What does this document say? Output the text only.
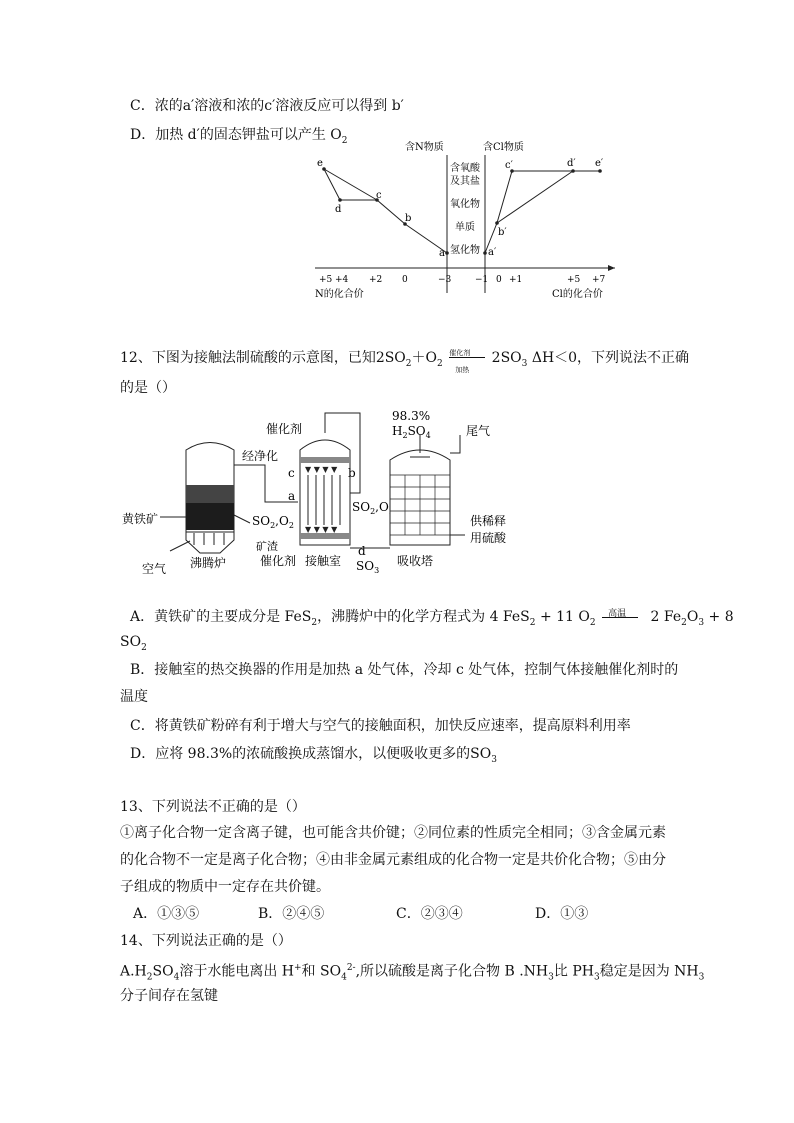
C．浓的a′溶液和浓的c′溶液反应可以得到 b′
D．加热 d′的固态钾盐可以产生 $O_2$
含N物质	含Cl物质
含氧酸
及其盐
氧化物
单质
氢化物
e
d
c
b
a	a′
b′
c′	d′ e′
+5 +4 +2 0	−3	−1 0 +1	+5 +7
N的化合价	Cl的化合价
12、下图为接触法制硫酸的示意图，已知$2SO_2+O_2$
催化剂
加热
$2SO_3$ ΔH＜0，下列说法不正确
的是（）
黄铁矿
空气 沸腾炉
经净化
$SO_2,O_2$
矿渣
▼ ▼ ▼ ▼
▼ ▼ ▼ ▼
催化剂
催化剂 接触室
c
a
b
d
$SO_2,O$
$SO_3$
98.3%
$H_2SO_4$	尾气
供稀释
用硫酸
吸收塔
A．黄铁矿的主要成分是 FeS$_2$，沸腾炉中的化学方程式为 4 FeS$_2$ + 11 $O_2$
高温 2 $Fe_2O_3 + 8$
$SO_2$
B．接触室的热交换器的作用是加热 a 处气体，冷却 c 处气体，控制气体接触催化剂时的
温度
C．将黄铁矿粉碎有利于增大与空气的接触面积，加快反应速率，提高原料利用率
D．应将 98.3%的浓硫酸换成蒸馏水，以便吸收更多的$SO_3$
13、下列说法不正确的是（）
①离子化合物一定含离子键，也可能含共价键；②同位素的性质完全相同；③含金属元素
的化合物不一定是离子化合物；④由非金属元素组成的化合物一定是共价化合物；⑤由分
子组成的物质中一定存在共价键。
A．①③⑤	B．②④⑤	C．②③④	D．①③
14、下列说法正确的是（）
$A.H_2SO_4$溶于水能电离出 H+和 $SO_4^{2-}$,所以硫酸是离子化合物 B $.NH_3$比 $PH_3$稳定是因为 $NH_3$
分子间存在氢键
